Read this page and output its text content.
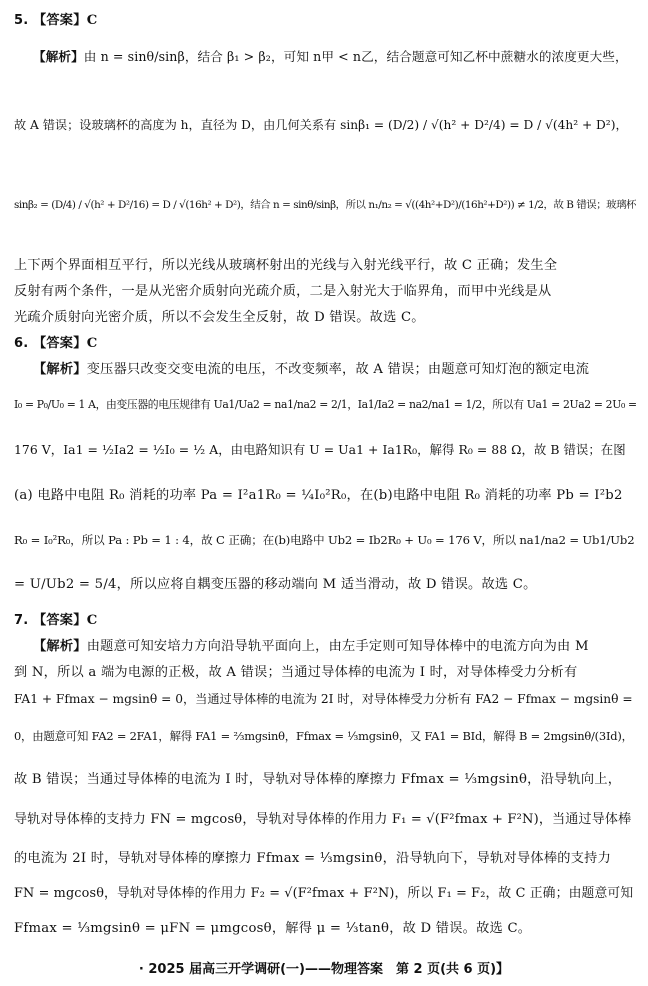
5. 【答案】C
【解析】由 n = sinθ/sinβ，结合 β₁ > β₂，可知 n甲 < n乙，结合题意可知乙杯中蔗糖水的浓度更大些，
故 A 错误；设玻璃杯的高度为 h，直径为 D，由几何关系有 sinβ₁ = (D/2) / √(h² + D²/4) = D / √(4h² + D²)，
sinβ₂ = (D/4) / √(h² + D²/16) = D / √(16h² + D²)，结合 n = sinθ/sinβ，所以 n₁/n₂ = √((4h²+D²)/(16h²+D²)) ≠ 1/2，故 B 错误；玻璃杯
上下两个界面相互平行，所以光线从玻璃杯射出的光线与入射光线平行，故 C 正确；发生全
反射有两个条件，一是从光密介质射向光疏介质，二是入射光大于临界角，而甲中光线是从
光疏介质射向光密介质，所以不会发生全反射，故 D 错误。故选 C。
6. 【答案】C
【解析】变压器只改变交变电流的电压，不改变频率，故 A 错误；由题意可知灯泡的额定电流
I₀ = P₀/U₀ = 1 A，由变压器的电压规律有 Ua1/Ua2 = na1/na2 = 2/1，Ia1/Ia2 = na2/na1 = 1/2，所以有 Ua1 = 2Ua2 = 2U₀ =
176 V，Ia1 = ½Ia2 = ½I₀ = ½ A，由电路知识有 U = Ua1 + Ia1R₀，解得 R₀ = 88 Ω，故 B 错误；在图
(a) 电路中电阻 R₀ 消耗的功率 Pa = I²a1R₀ = ¼I₀²R₀，在(b)电路中电阻 R₀ 消耗的功率 Pb = I²b2
R₀ = I₀²R₀，所以 Pa : Pb = 1 : 4，故 C 正确；在(b)电路中 Ub2 = Ib2R₀ + U₀ = 176 V，所以 na1/na2 = Ub1/Ub2
= U/Ub2 = 5/4，所以应将自耦变压器的移动端向 M 适当滑动，故 D 错误。故选 C。
7. 【答案】C
【解析】由题意可知安培力方向沿导轨平面向上，由左手定则可知导体棒中的电流方向为由 M
到 N，所以 a 端为电源的正极，故 A 错误；当通过导体棒的电流为 I 时，对导体棒受力分析有
FA1 + Ffmax − mgsinθ = 0，当通过导体棒的电流为 2I 时，对导体棒受力分析有 FA2 − Ffmax − mgsinθ =
0，由题意可知 FA2 = 2FA1，解得 FA1 = ⅔mgsinθ，Ffmax = ⅓mgsinθ，又 FA1 = BId，解得 B = 2mgsinθ/(3Id)，
故 B 错误；当通过导体棒的电流为 I 时，导轨对导体棒的摩擦力 Ffmax = ⅓mgsinθ，沿导轨向上，
导轨对导体棒的支持力 FN = mgcosθ，导轨对导体棒的作用力 F₁ = √(F²fmax + F²N)，当通过导体棒
的电流为 2I 时，导轨对导体棒的摩擦力 Ffmax = ⅓mgsinθ，沿导轨向下，导轨对导体棒的支持力
FN = mgcosθ，导轨对导体棒的作用力 F₂ = √(F²fmax + F²N)，所以 F₁ = F₂，故 C 正确；由题意可知
Ffmax = ⅓mgsinθ = μFN = μmgcosθ，解得 μ = ⅓tanθ，故 D 错误。故选 C。
· 2025 届高三开学调研(一)——物理答案　第 2 页(共 6 页)】
